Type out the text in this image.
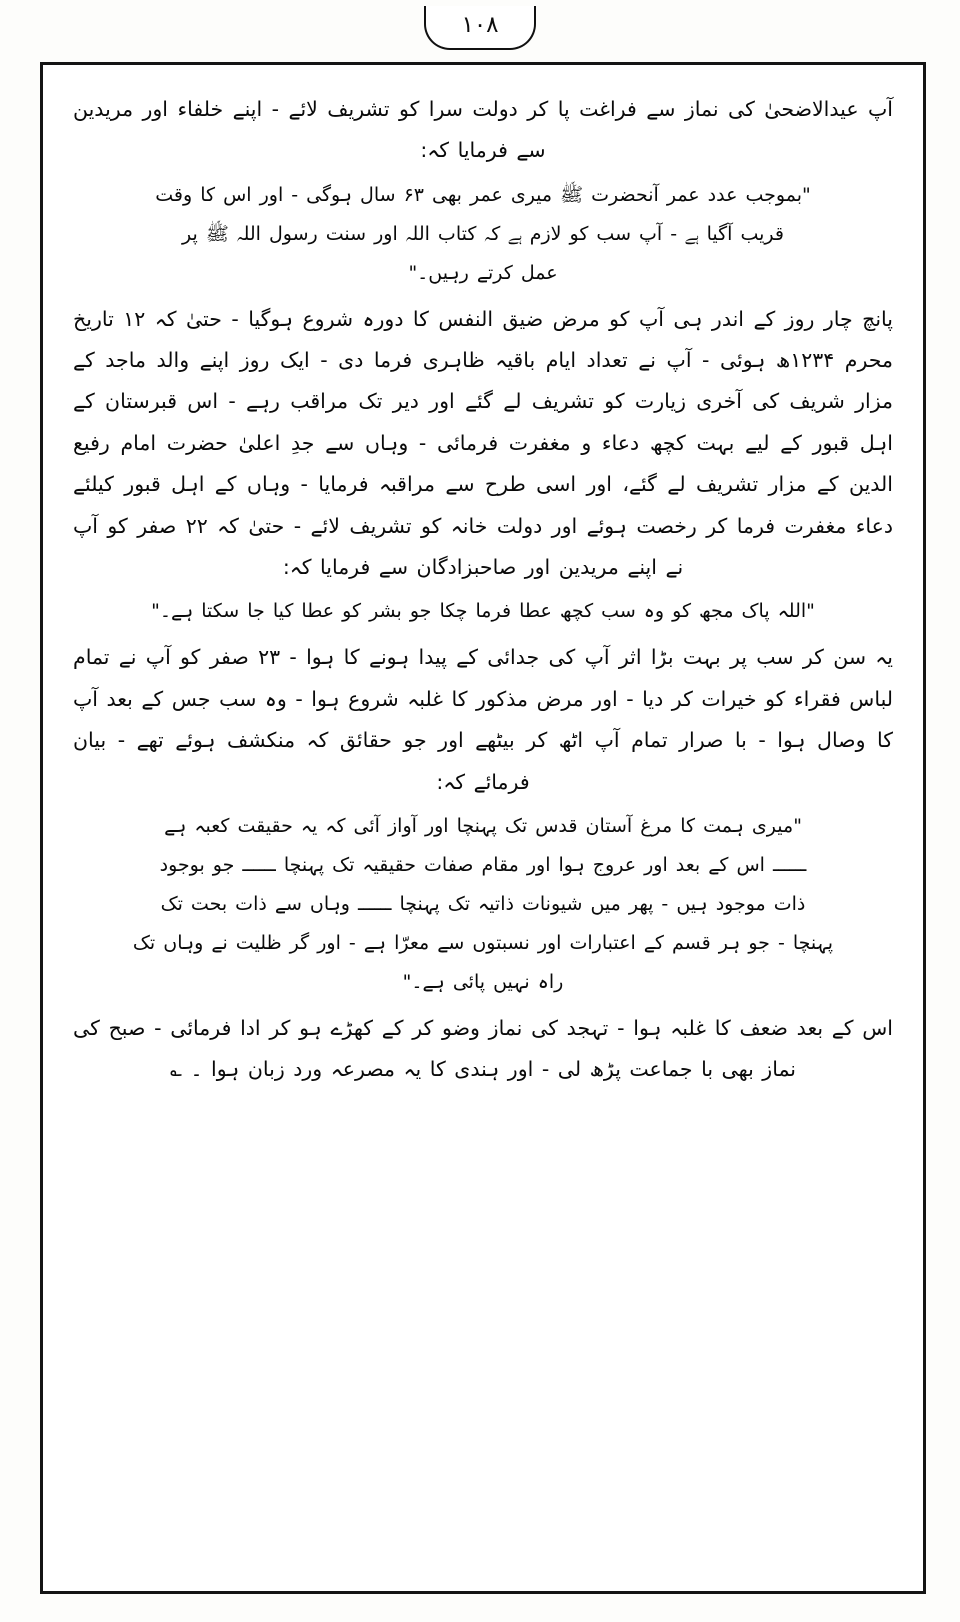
۱۰۸

آپ عیدالاضحیٰ کی نماز سے فراغت پا کر دولت سرا کو تشریف لائے - اپنے خلفاء اور مریدین سے فرمایا کہ:

"بموجب عدد عمر آنحضرت ﷺ میری عمر بھی ۶۳ سال ہوگی - اور اس کا وقت

قریب آگیا ہے - آپ سب کو لازم ہے کہ کتاب اللہ اور سنت رسول اللہ ﷺ پر

عمل کرتے رہیں۔"

پانچ چار روز کے اندر ہی آپ کو مرض ضیق النفس کا دورہ شروع ہوگیا - حتیٰ کہ ۱۲ تاریخ محرم ۱۲۳۴ھ ہوئی - آپ نے تعداد ایام باقیہ ظاہری فرما دی - ایک روز اپنے والد ماجد کے مزار شریف کی آخری زیارت کو تشریف لے گئے اور دیر تک مراقب رہے - اس قبرستان کے اہل قبور کے لیے بہت کچھ دعاء و مغفرت فرمائی - وہاں سے جدِ اعلیٰ حضرت امام رفیع الدین کے مزار تشریف لے گئے، اور اسی طرح سے مراقبہ فرمایا - وہاں کے اہل قبور کیلئے دعاء مغفرت فرما کر رخصت ہوئے اور دولت خانہ کو تشریف لائے - حتیٰ کہ ۲۲ صفر کو آپ نے اپنے مریدین اور صاحبزادگان سے فرمایا کہ:

"اللہ پاک مجھ کو وہ سب کچھ عطا فرما چکا جو بشر کو عطا کیا جا سکتا ہے۔"

یہ سن کر سب پر بہت بڑا اثر آپ کی جدائی کے پیدا ہونے کا ہوا - ۲۳ صفر کو آپ نے تمام لباس فقراء کو خیرات کر دیا - اور مرض مذکور کا غلبہ شروع ہوا - وہ سب جس کے بعد آپ کا وصال ہوا - با صرار تمام آپ اٹھ کر بیٹھے اور جو حقائق کہ منکشف ہوئے تھے - بیان فرمائے کہ:

"میری ہمت کا مرغ آستان قدس تک پہنچا اور آواز آئی کہ یہ حقیقت کعبہ ہے

ــــــ اس کے بعد اور عروج ہوا اور مقام صفات حقیقیہ تک پہنچا ــــــ جو بوجود

ذات موجود ہیں - پھر میں شیونات ذاتیہ تک پہنچا ــــــ وہاں سے ذات بحت تک

پہنچا - جو ہر قسم کے اعتبارات اور نسبتوں سے معرّا ہے - اور گر ظلیت نے وہاں تک

راہ نہیں پائی ہے۔"

اس کے بعد ضعف کا غلبہ ہوا - تہجد کی نماز وضو کر کے کھڑے ہو کر ادا فرمائی - صبح کی نماز بھی با جماعت پڑھ لی - اور ہندی کا یہ مصرعہ ورد زبان ہوا ۔ ؎
